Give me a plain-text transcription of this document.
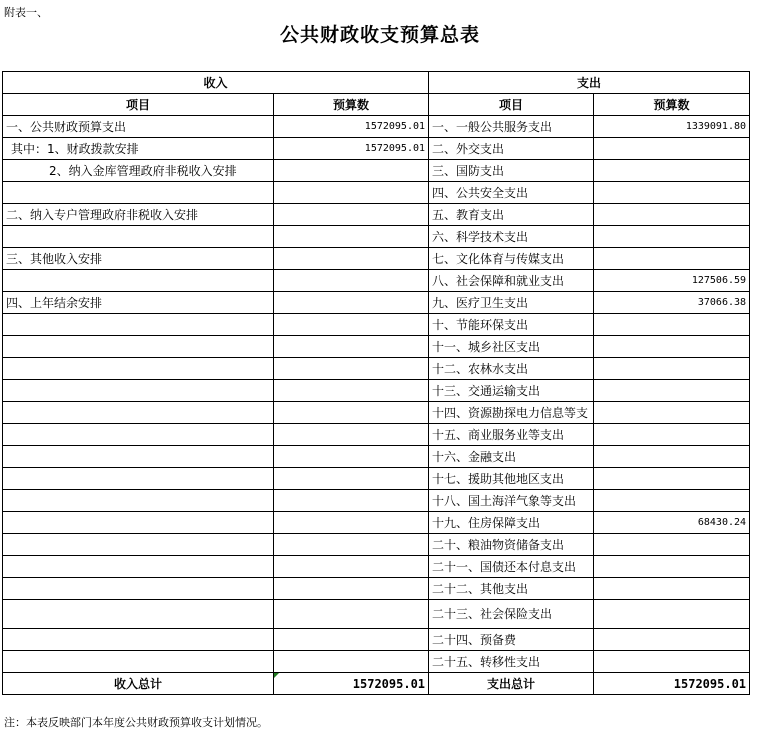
附表一、
公共财政收支预算总表
收入		支出	
项目	预算数	项目	预算数
一、公共财政预算支出	1572095.01	一、一般公共服务支出	1339091.80
其中：1、财政拨款安排	1572095.01	二、外交支出	
2、纳入金库管理政府非税收入安排		三、国防支出	
		四、公共安全支出	
二、纳入专户管理政府非税收入安排		五、教育支出	
		六、科学技术支出	
三、其他收入安排		七、文化体育与传媒支出	
		八、社会保障和就业支出	127506.59
四、上年结余安排		九、医疗卫生支出	37066.38
		十、节能环保支出	
		十一、城乡社区支出	
		十二、农林水支出	
		十三、交通运输支出	
		十四、资源勘探电力信息等支	
		十五、商业服务业等支出	
		十六、金融支出	
		十七、援助其他地区支出	
		十八、国土海洋气象等支出	
		十九、住房保障支出	68430.24
		二十、粮油物资储备支出	
		二十一、国债还本付息支出	
		二十二、其他支出	
		二十三、社会保险支出	
		二十四、预备费	
		二十五、转移性支出	
收入总计	1572095.01	支出总计	1572095.01
注：本表反映部门本年度公共财政预算收支计划情况。
